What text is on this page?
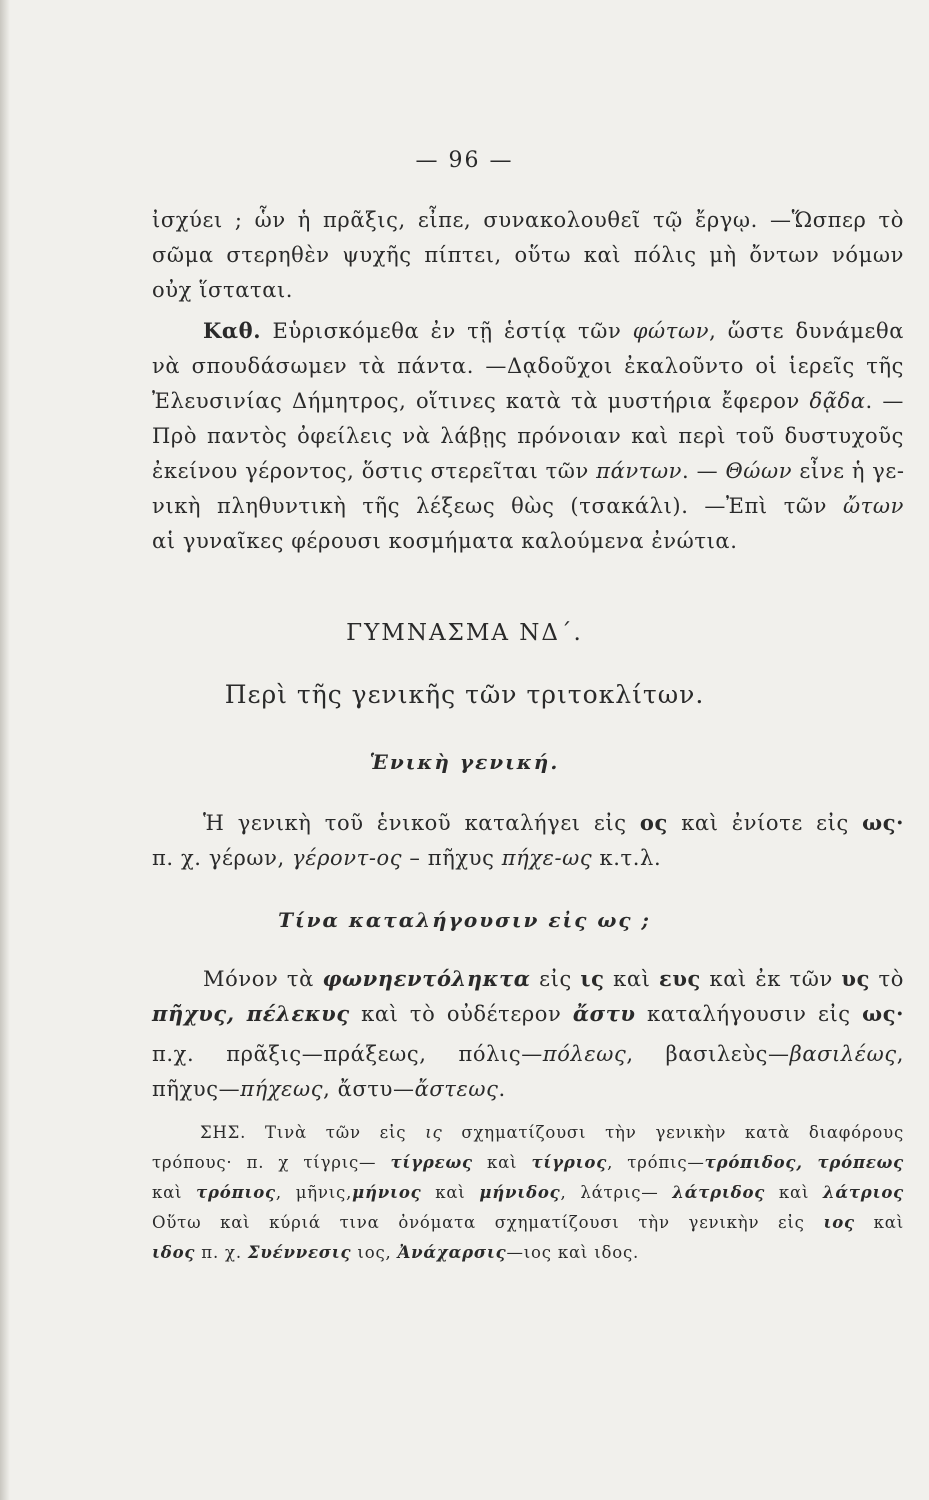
— 96 —
ἰσχύει ; ὧν ἡ πρᾶξις, εἶπε, συνακολουθεῖ τῷ ἔργῳ. —Ὥσπερ τὸ
σῶμα στερηθὲν ψυχῆς πίπτει, οὕτω καὶ πόλις μὴ ὄντων νόμων
οὐχ ἵσταται.
Καθ. Εὑρισκόμεθα ἐν τῇ ἑστίᾳ τῶν φώτων, ὥστε δυνάμεθα
νὰ σπουδάσωμεν τὰ πάντα. —Δᾳδοῦχοι ἐκαλοῦντο οἱ ἱερεῖς τῆς
Ἐλευσινίας Δήμητρος, οἵτινες κατὰ τὰ μυστήρια ἔφερον δᾷδα. —
Πρὸ παντὸς ὀφείλεις νὰ λάβῃς πρόνοιαν καὶ περὶ τοῦ δυστυχοῦς
ἐκείνου γέροντος, ὅστις στερεῖται τῶν πάντων. — Θώων εἶνε ἡ γε-
νικὴ πληθυντικὴ τῆς λέξεως θὼς (τσακάλι). —Ἐπὶ τῶν ὤτων
αἱ γυναῖκες φέρουσι κοσμήματα καλούμενα ἐνώτια.
ΓΥΜΝΑΣΜΑ ΝΔ΄.
Περὶ τῆς γενικῆς τῶν τριτοκλίτων.
Ἑνικὴ γενική.
Ἡ γενικὴ τοῦ ἑνικοῦ καταλήγει εἰς ος καὶ ἐνίοτε εἰς ως·
π. χ. γέρων, γέροντ-ος – πῆχυς πήχε-ως κ.τ.λ.
Τίνα καταλήγουσιν εἰς ως ;
Μόνον τὰ φωνηεντόληκτα εἰς ις καὶ ευς καὶ ἐκ τῶν υς τὸ
πῆχυς, πέλεκυς καὶ τὸ οὐδέτερον ἄστυ καταλήγουσιν εἰς ως·
π.χ. πρᾶξις—πράξεως, πόλις—πόλεως, βασιλεὺς—βασιλέως,
πῆχυς—πήχεως, ἄστυ—ἄστεως.
ΣΗΣ. Τινὰ τῶν εἰς ις σχηματίζουσι τὴν γενικὴν κατὰ διαφόρους
τρόπους· π. χ τίγρις— τίγρεως καὶ τίγριος, τρόπις—τρόπιδος, τρόπεως
καὶ τρόπιος, μῆνις,μήνιος καὶ μήνιδος, λάτρις— λάτριδος καὶ λάτριος
Οὕτω καὶ κύριά τινα ὀνόματα σχηματίζουσι τὴν γενικὴν εἰς ιος καὶ
ιδος π. χ. Συέννεσις ιος, Ἀνάχαρσις—ιος καὶ ιδος.
